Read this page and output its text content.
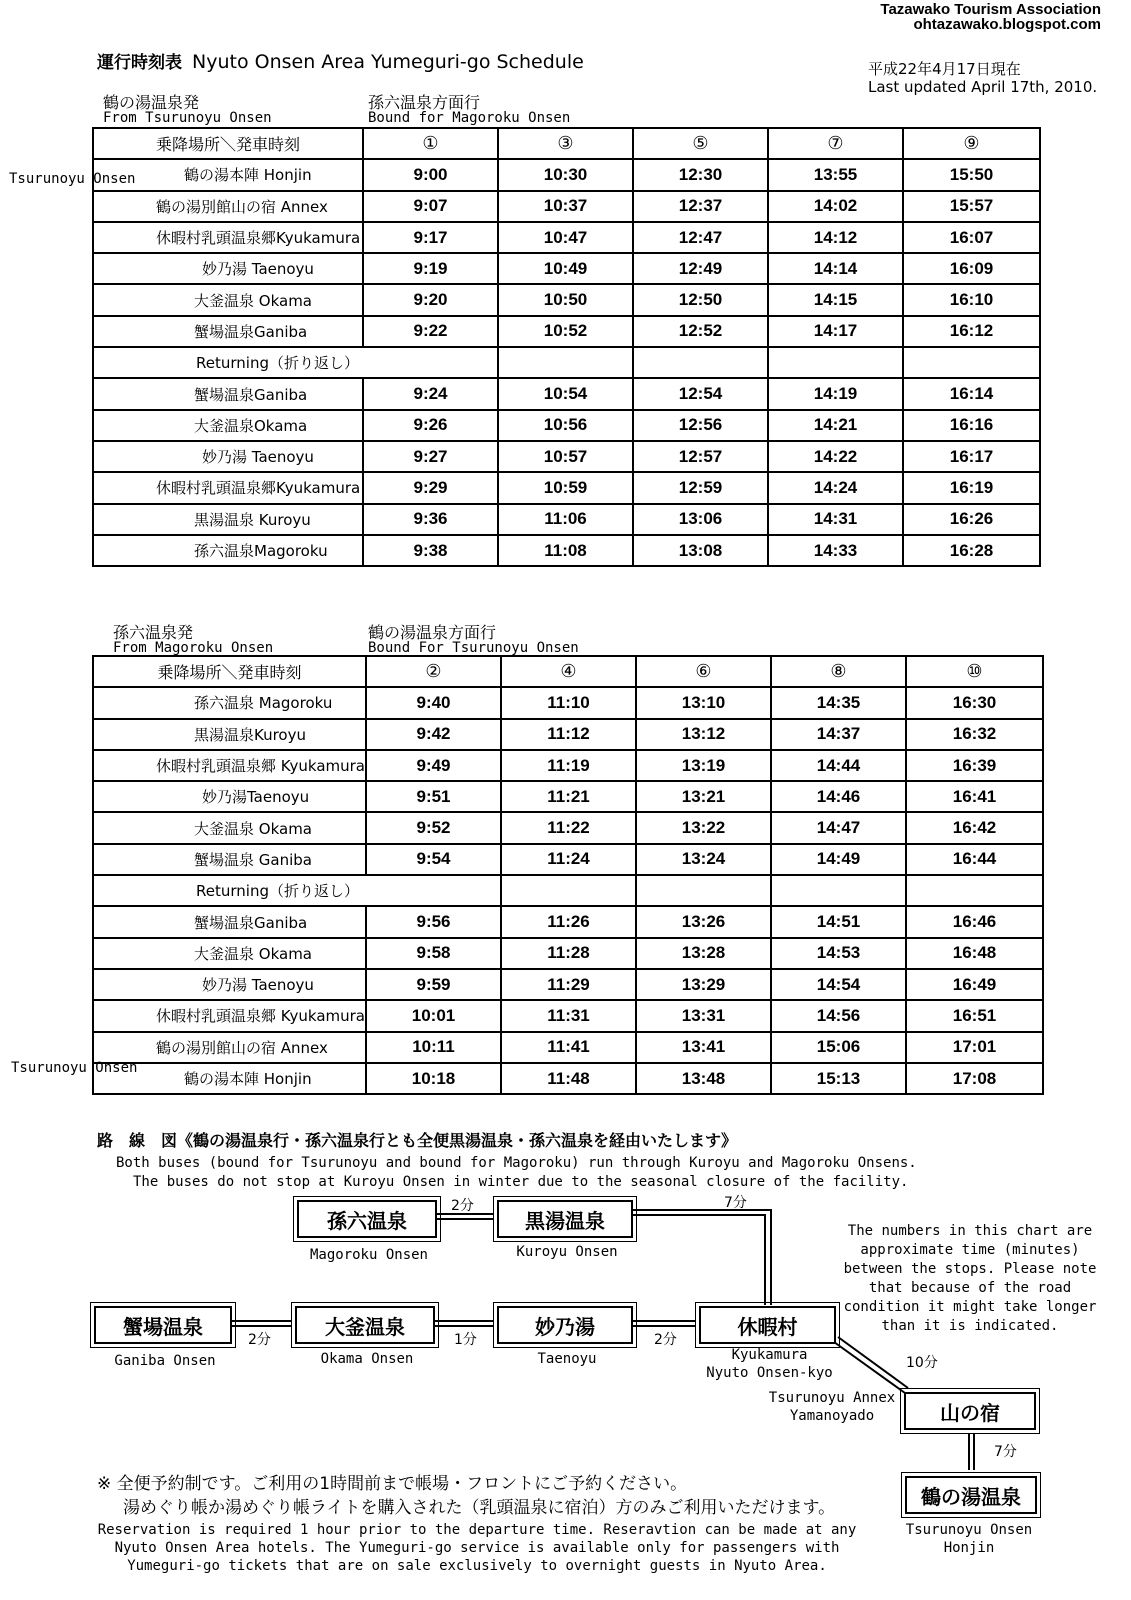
Tazawako Tourism Association
ohtazawako.blogspot.com
運行時刻表 Nyuto Onsen Area Yumeguri-go Schedule	平成22年4月17日現在
Last updated April 17th, 2010.
鶴の湯温泉発
From Tsurunoyu Onsen
孫六温泉方面行
Bound for Magoroku Onsen
Tsurunoyu Onsen
乗降場所＼発車時刻	①	③	⑤	⑦	⑨
鶴の湯本陣 Honjin	9:00	10:30	12:30	13:55	15:50
鶴の湯別館山の宿 Annex	9:07	10:37	12:37	14:02	15:57
休暇村乳頭温泉郷Kyukamura	9:17	10:47	12:47	14:12	16:07
妙乃湯 Taenoyu	9:19	10:49	12:49	14:14	16:09
大釜温泉 Okama	9:20	10:50	12:50	14:15	16:10
蟹場温泉Ganiba	9:22	10:52	12:52	14:17	16:12
Returning（折り返し）					
蟹場温泉Ganiba	9:24	10:54	12:54	14:19	16:14
大釜温泉Okama	9:26	10:56	12:56	14:21	16:16
妙乃湯 Taenoyu	9:27	10:57	12:57	14:22	16:17
休暇村乳頭温泉郷Kyukamura	9:29	10:59	12:59	14:24	16:19
黒湯温泉 Kuroyu	9:36	11:06	13:06	14:31	16:26
孫六温泉Magoroku	9:38	11:08	13:08	14:33	16:28
孫六温泉発
From Magoroku Onsen
鶴の湯温泉方面行
Bound For Tsurunoyu Onsen
Tsurunoyu Onsen
乗降場所＼発車時刻	②	④	⑥	⑧	⑩
孫六温泉 Magoroku	9:40	11:10	13:10	14:35	16:30
黒湯温泉Kuroyu	9:42	11:12	13:12	14:37	16:32
休暇村乳頭温泉郷 Kyukamura	9:49	11:19	13:19	14:44	16:39
妙乃湯Taenoyu	9:51	11:21	13:21	14:46	16:41
大釜温泉 Okama	9:52	11:22	13:22	14:47	16:42
蟹場温泉 Ganiba	9:54	11:24	13:24	14:49	16:44
Returning（折り返し）					
蟹場温泉Ganiba	9:56	11:26	13:26	14:51	16:46
大釜温泉 Okama	9:58	11:28	13:28	14:53	16:48
妙乃湯 Taenoyu	9:59	11:29	13:29	14:54	16:49
休暇村乳頭温泉郷 Kyukamura	10:01	11:31	13:31	14:56	16:51
鶴の湯別館山の宿 Annex	10:11	11:41	13:41	15:06	17:01
鶴の湯本陣 Honjin	10:18	11:48	13:48	15:13	17:08
路　線　図《鶴の湯温泉行・孫六温泉行とも全便黒湯温泉・孫六温泉を経由いたします》
Both buses (bound for Tsurunoyu and bound for Magoroku) run through Kuroyu and Magoroku Onsens.
The buses do not stop at Kuroyu Onsen in winter due to the seasonal closure of the facility.
孫六温泉
Magoroku Onsen
黒湯温泉
Kuroyu Onsen
蟹場温泉
Ganiba Onsen
大釜温泉
Okama Onsen
妙乃湯
Taenoyu
休暇村
Kyukamura
Nyuto Onsen-kyo
山の宿
Tsurunoyu Annex
Yamanoyado
鶴の湯温泉
Tsurunoyu Onsen
Honjin
2分	7分
2分	1分	2分
10分
7分
The numbers in this chart are approximate time (minutes) between the stops. Please note that because of the road condition it might take longer than it is indicated.
※ 全便予約制です。ご利用の1時間前まで帳場・フロントにご予約ください。
湯めぐり帳か湯めぐり帳ライトを購入された（乳頭温泉に宿泊）方のみご利用いただけます。
Reservation is required 1 hour prior to the departure time. Reseravtion can be made at any Nyuto Onsen Area hotels. The Yumeguri-go service is available only for passengers with Yumeguri-go tickets that are on sale exclusively to overnight guests in Nyuto Area.
